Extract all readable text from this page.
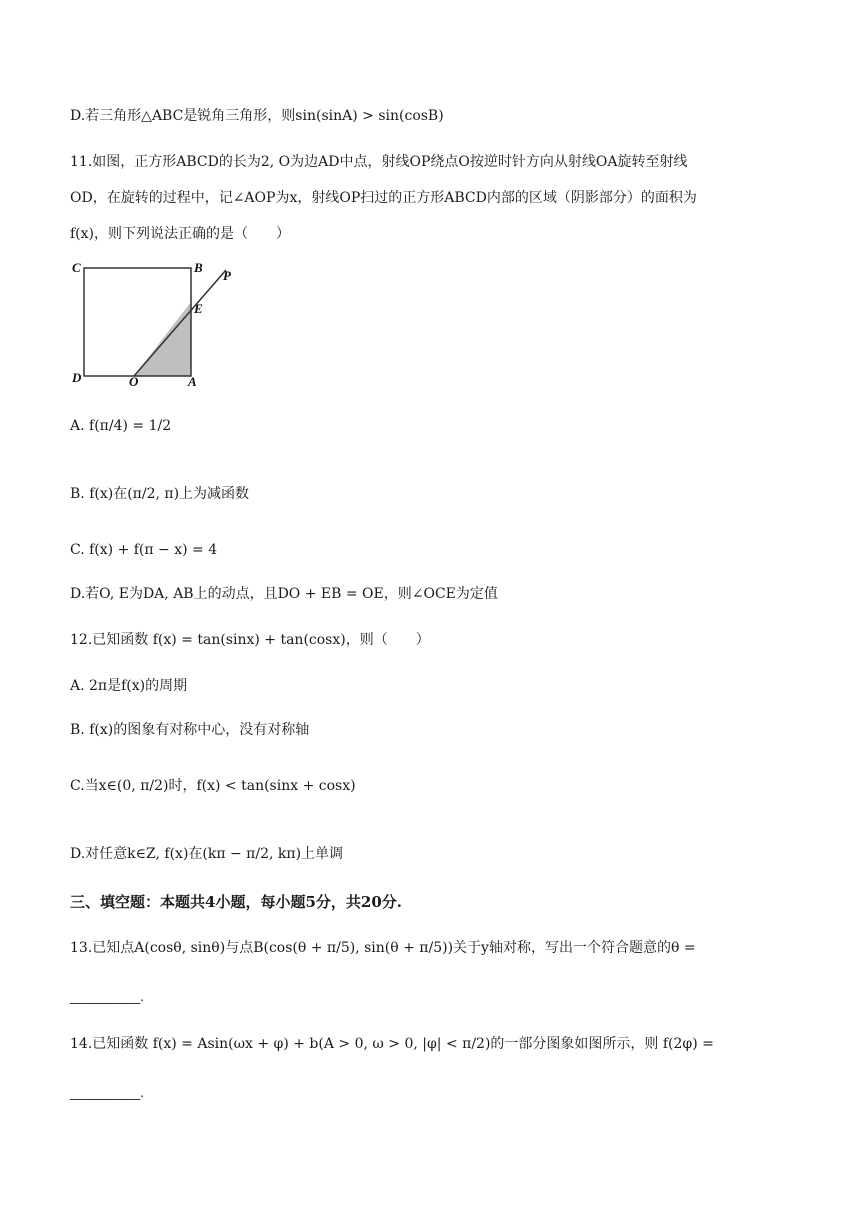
D.若三角形△ABC是锐角三角形，则sin(sinA) > sin(cosB)
11.如图，正方形ABCD的长为2, O为边AD中点，射线OP绕点O按逆时针方向从射线OA旋转至射线
OD，在旋转的过程中，记∠AOP为x，射线OP扫过的正方形ABCD内部的区域（阴影部分）的面积为
f(x)，则下列说法正确的是（　　）
C	B
P
E
D	O	A
A. f(π/4) = 1/2
B. f(x)在(π/2, π)上为减函数
C. f(x) + f(π − x) = 4
D.若O, E为DA, AB上的动点，且DO + EB = OE，则∠OCE为定值
12.已知函数 f(x) = tan(sinx) + tan(cosx)，则（　　）
A. 2π是f(x)的周期
B. f(x)的图象有对称中心，没有对称轴
C.当x∈(0, π/2)时，f(x) < tan(sinx + cosx)
D.对任意k∈Z, f(x)在(kπ − π/2, kπ)上单调
三、填空题：本题共4小题，每小题5分，共20分.
13.已知点A(cosθ, sinθ)与点B(cos(θ + π/5), sin(θ + π/5))关于y轴对称，写出一个符合题意的θ =
_________.
14.已知函数 f(x) = Asin(ωx + φ) + b(A > 0, ω > 0, |φ| < π/2)的一部分图象如图所示，则 f(2φ) =
_________.
